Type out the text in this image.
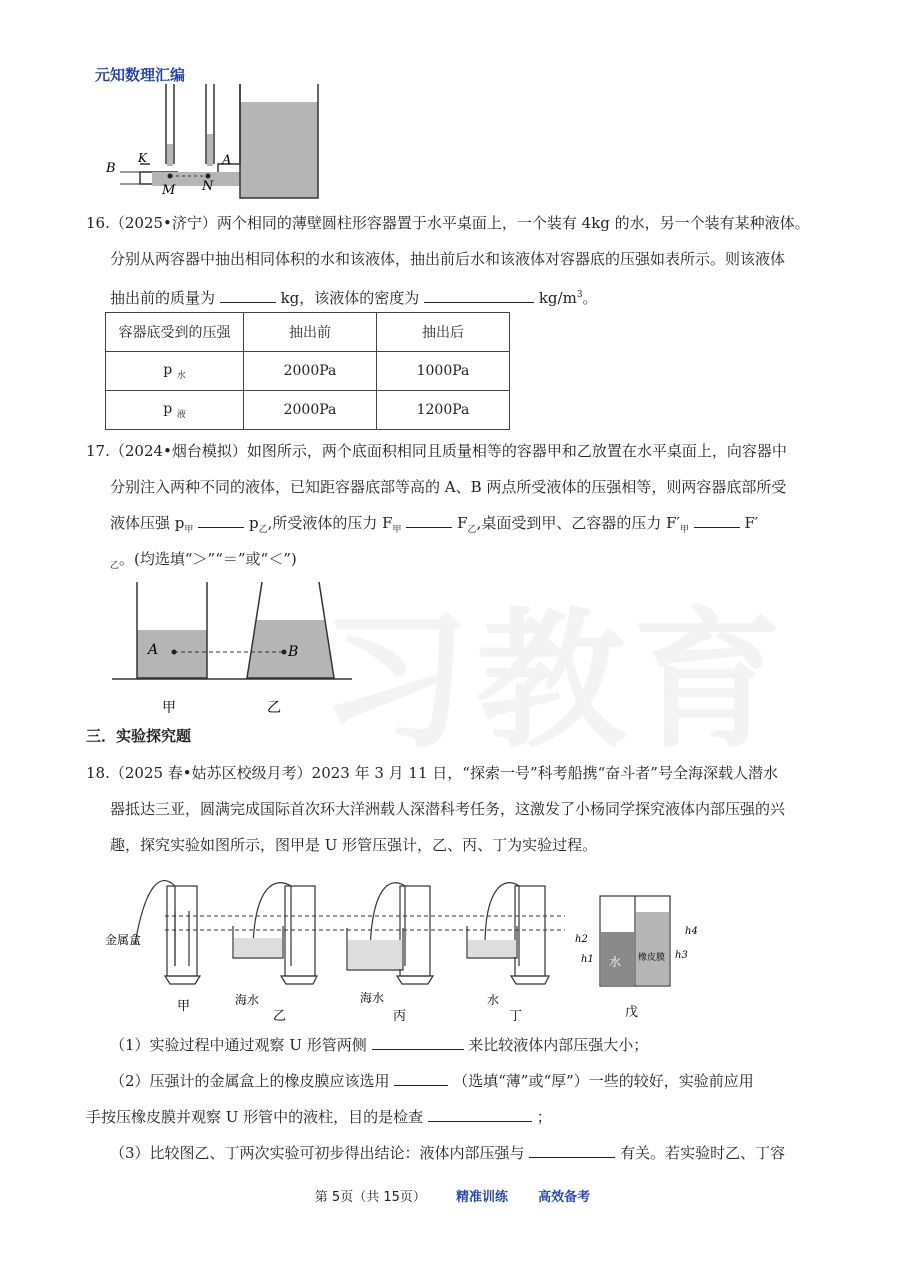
元知数理汇编
B
K
M N
A
16.（2025•济宁）两个相同的薄壁圆柱形容器置于水平桌面上，一个装有 4kg 的水，另一个装有某种液体。
分别从两容器中抽出相同体积的水和该液体，抽出前后水和该液体对容器底的压强如表所示。则该液体
抽出前的质量为	kg，该液体的密度为	$kg/m^3$。
容器底受到的压强	抽出前	抽出后
p $_水$	2000Pa	1000Pa
p $_液$	2000Pa	1200Pa
17.（2024•烟台模拟）如图所示，两个底面积相同且质量相等的容器甲和乙放置在水平桌面上，向容器中
分别注入两种不同的液体，已知距容器底部等高的 A、B 两点所受液体的压强相等，则两容器底部所受
液体压强 $p_甲$	$p_乙$,所受液体的压力 $F_甲$	$F_乙$,桌面受到甲、乙容器的压力 $F'_甲$	F′
$_乙$。(均选填“＞”“＝”或“＜”)
A	B
甲	乙
三．实验探究题
18.（2025 春•姑苏区校级月考）2023 年 3 月 11 日，“探索一号”科考船携“奋斗者”号全海深载人潜水
器抵达三亚，圆满完成国际首次环大洋洲载人深潜科考任务，这激发了小杨同学探究液体内部压强的兴
趣，探究实验如图所示，图甲是 U 形管压强计，乙、丙、丁为实验过程。
金属盒
甲	海水
乙
海水
丙
水
丁	戊
水 橡皮膜
h1
h2
h3
h4
（1）实验过程中通过观察 U 形管两侧	来比较液体内部压强大小；
（2）压强计的金属盒上的橡皮膜应该选用	（选填“薄”或“厚”）一些的较好，实验前应用
手按压橡皮膜并观察 U 形管中的液柱，目的是检查	；
（3）比较图乙、丁两次实验可初步得出结论：液体内部压强与	有关。若实验时乙、丁容
第 5页（共 15页） 精准训练 高效备考
